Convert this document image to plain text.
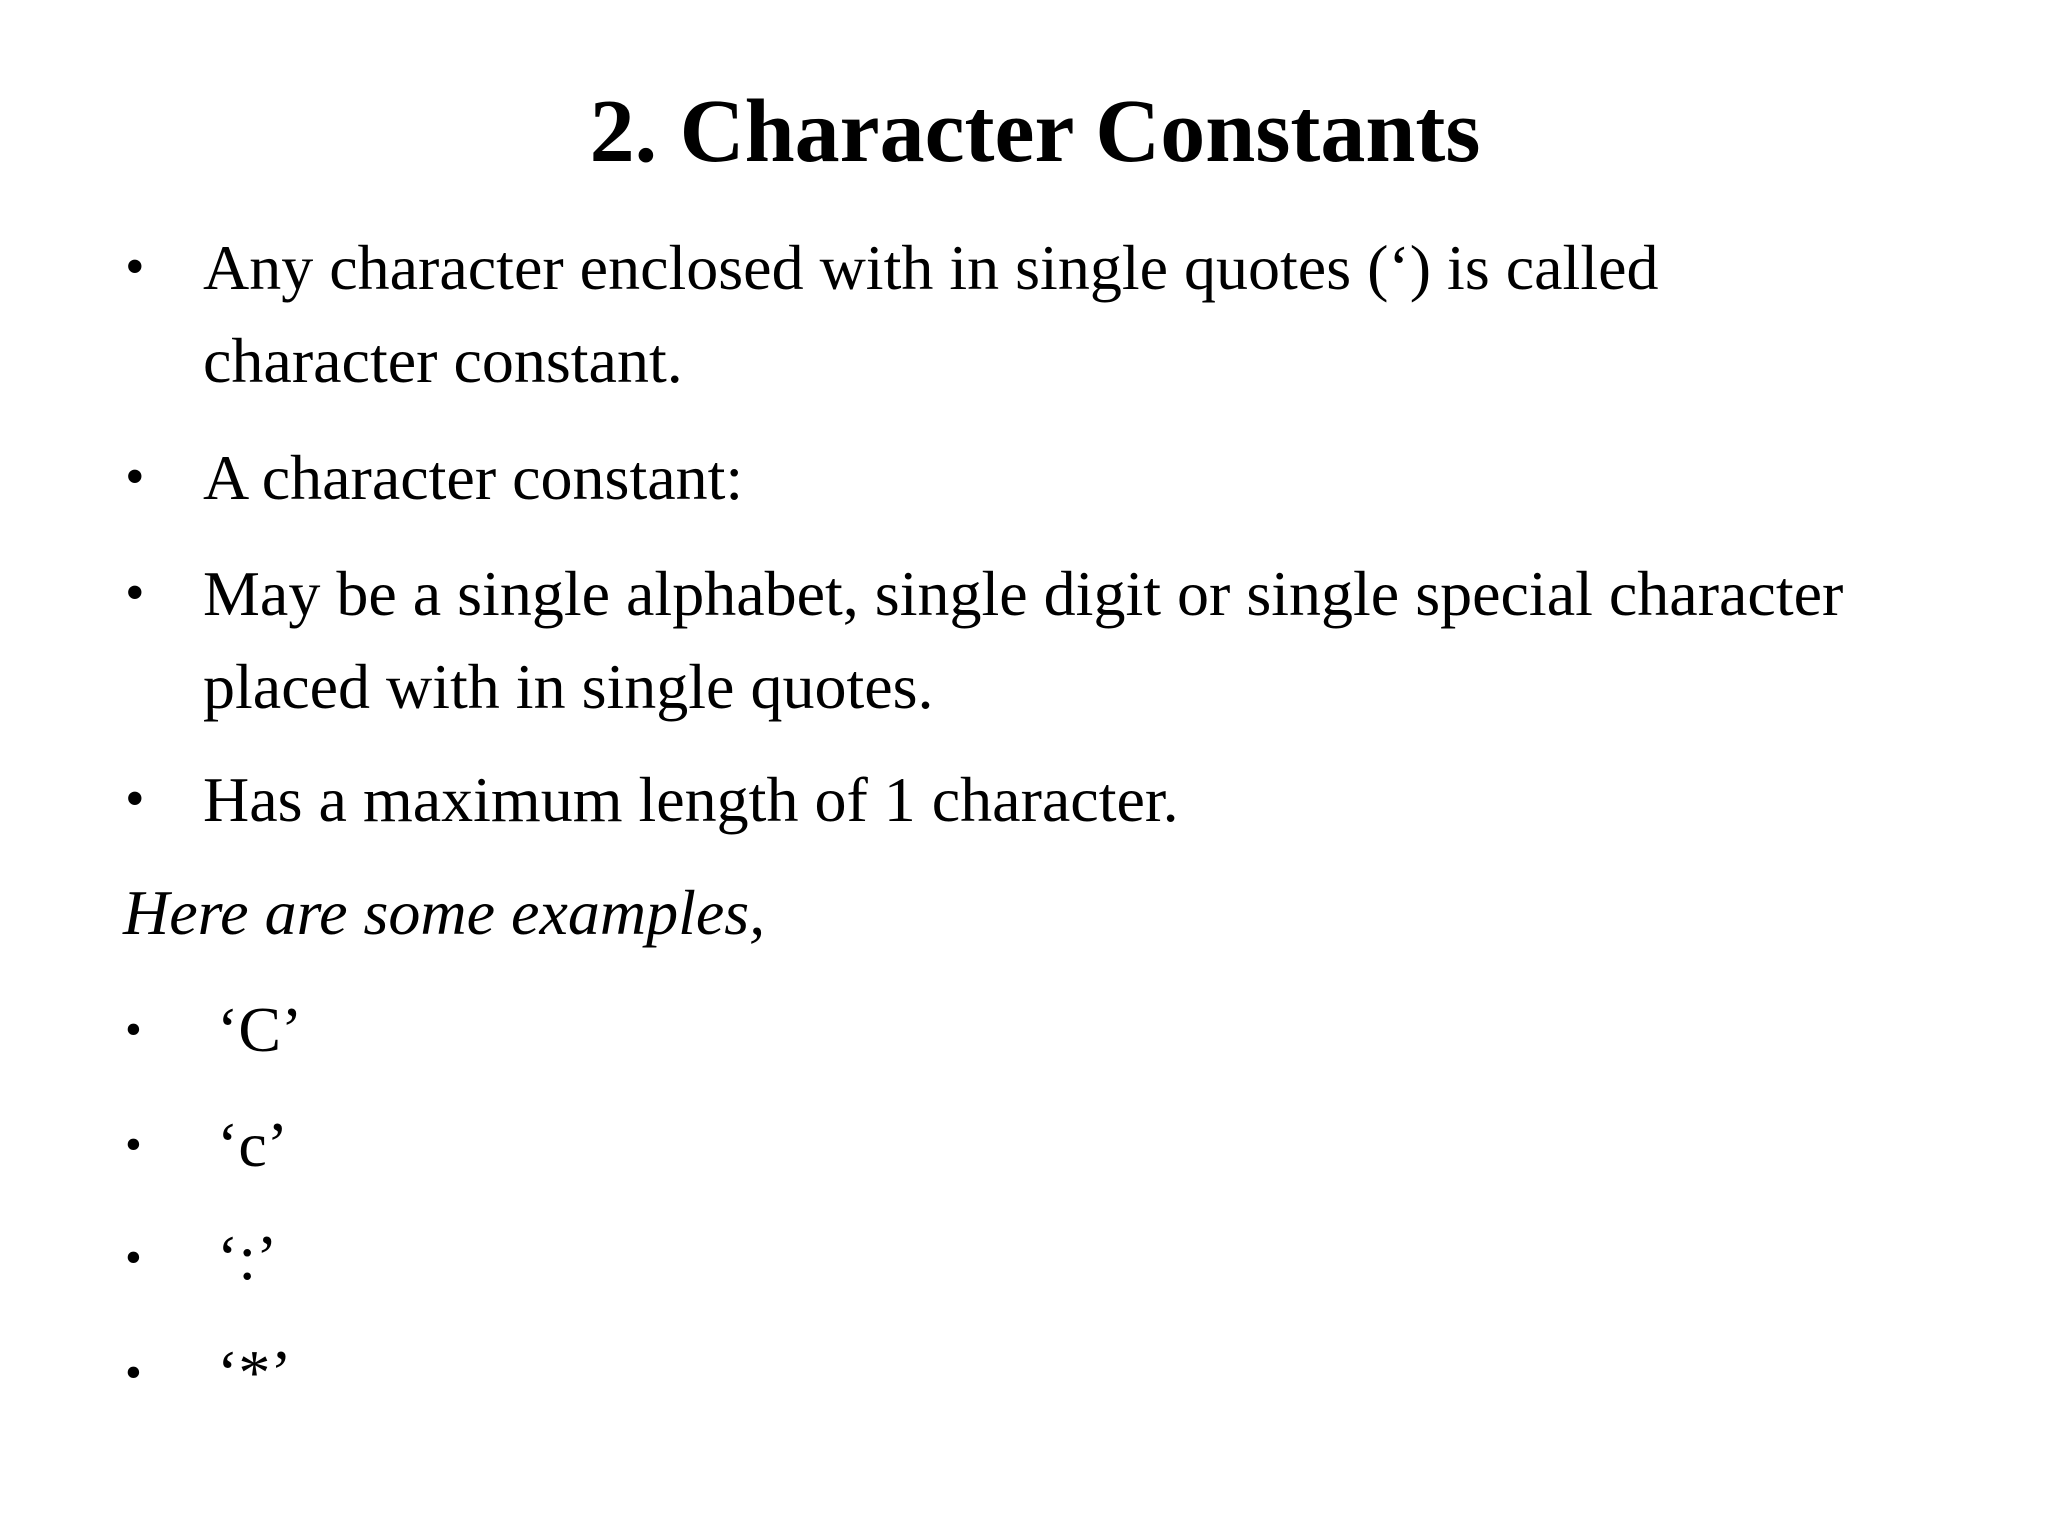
2. Character Constants
• Any character enclosed with in single quotes (‘) is called character constant.
• A character constant:
• May be a single alphabet, single digit or single special character placed with in single quotes.
• Has a maximum length of 1 character.

Here are some examples,

•	‘C’
•	‘c’
•	‘:’
•	‘*’
